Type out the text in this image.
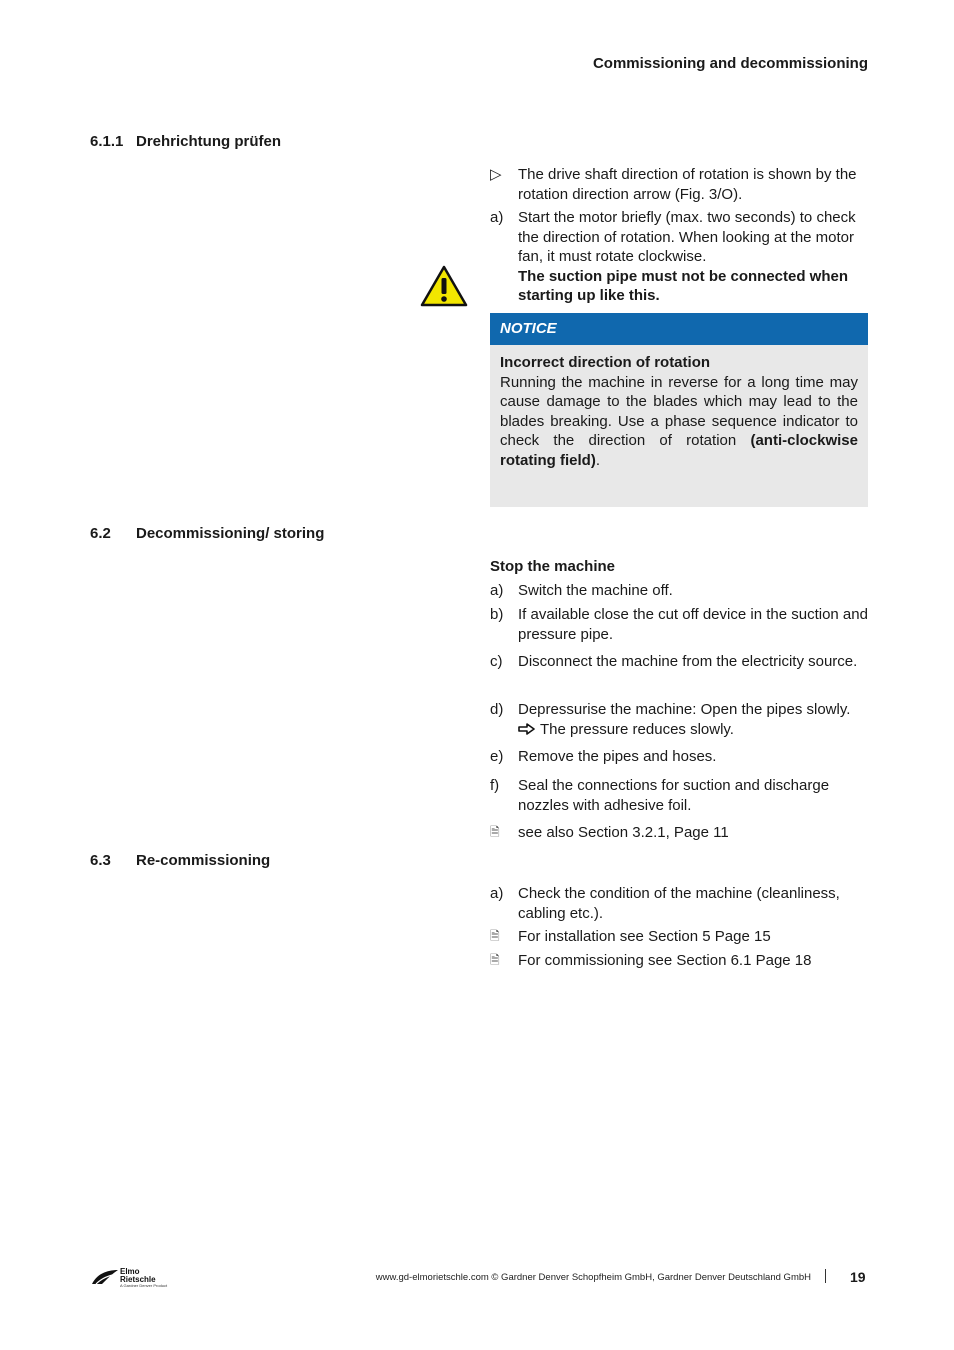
Commissioning and decommissioning
6.1.1 Drehrichtung prüfen
▷	The drive shaft direction of rotation is shown by the rotation direction arrow (Fig. 3/O).
a) Start the motor briefly (max. two seconds) to check the direction of rotation. When looking at the motor fan, it must rotate clockwise.
The suction pipe must not be connected when starting up like this.
NOTICE
Incorrect direction of rotation
Running the machine in reverse for a long time may cause damage to the blades which may lead to the blades breaking. Use a phase sequence indicator to check the direction of rotation (anti-clockwise rotating field).
6.2 Decommissioning/ storing
Stop the machine
a) Switch the machine off.
b) If available close the cut off device in the suction and pressure pipe.
c)	Disconnect the machine from the electricity source.
d) Depressurise the machine: Open the pipes slowly.The pressure reduces slowly.
e) Remove the pipes and hoses.
f)	Seal the connections for suction and discharge nozzles with adhesive foil.
🗎	see also Section 3.2.1, Page 11
6.3 Re-commissioning
a) Check the condition of the machine (cleanliness, cabling etc.).
🗎	For installation see Section 5 Page 15
🗎	For commissioning see Section 6.1 Page 18
Elmo
Rietschle
A Gardner Denver Product
www.gd-elmorietschle.com © Gardner Denver Schopfheim GmbH, Gardner Denver Deutschland GmbH	19
